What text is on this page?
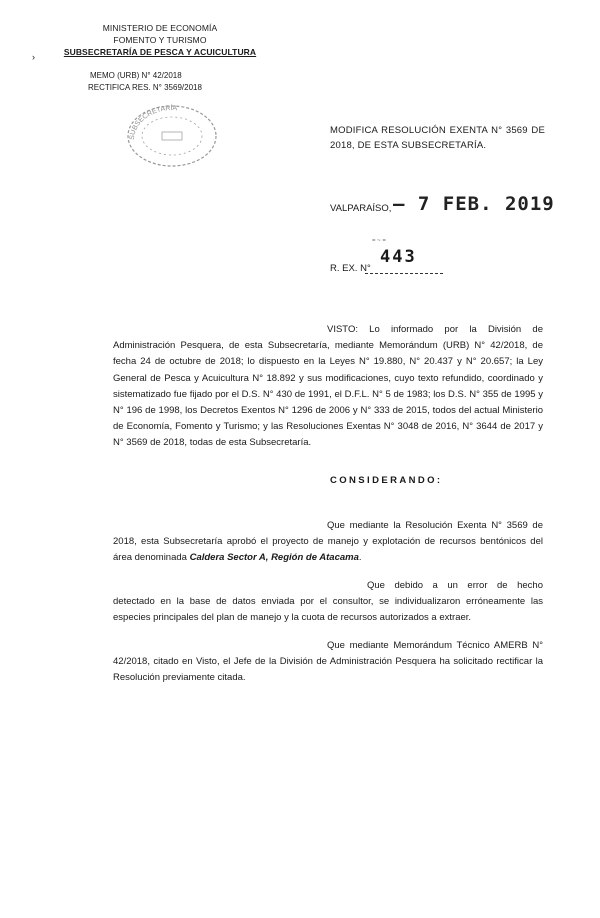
›
MINISTERIO DE ECONOMÍA
FOMENTO Y TURISMO
SUBSECRETARÍA DE PESCA Y ACUICULTURA
MEMO (URB) N° 42/2018
RECTIFICA RES. N° 3569/2018
SUBSECRETARÍA
MODIFICA RESOLUCIÓN EXENTA N° 3569 DE 2018, DE ESTA SUBSECRETARÍA.
VALPARAÍSO, – 7 FEB. 2019
= ~ =
443
R. EX. N°
VISTO: Lo informado por la División de Administración Pesquera, de esta Subsecretaría, mediante Memorándum (URB) N° 42/2018, de fecha 24 de octubre de 2018; lo dispuesto en la Leyes N° 19.880, N° 20.437 y N° 20.657; la Ley General de Pesca y Acuicultura N° 18.892 y sus modificaciones, cuyo texto refundido, coordinado y sistematizado fue fijado por el D.S. N° 430 de 1991, el D.F.L. N° 5 de 1983; los D.S. N° 355 de 1995 y N° 196 de 1998, los Decretos Exentos N° 1296 de 2006 y N° 333 de 2015, todos del actual Ministerio de Economía, Fomento y Turismo; y las Resoluciones Exentas N° 3048 de 2016, N° 3644 de 2017 y N° 3569 de 2018, todas de esta Subsecretaría.
CONSIDERANDO:
Que mediante la Resolución Exenta N° 3569 de 2018, esta Subsecretaría aprobó el proyecto de manejo y explotación de recursos bentónicos del área denominada Caldera Sector A, Región de Atacama.
Que debido a un error de hecho detectado en la base de datos enviada por el consultor, se individualizaron erróneamente las especies principales del plan de manejo y la cuota de recursos autorizados a extraer.
Que mediante Memorándum Técnico AMERB N° 42/2018, citado en Visto, el Jefe de la División de Administración Pesquera ha solicitado rectificar la Resolución previamente citada.
